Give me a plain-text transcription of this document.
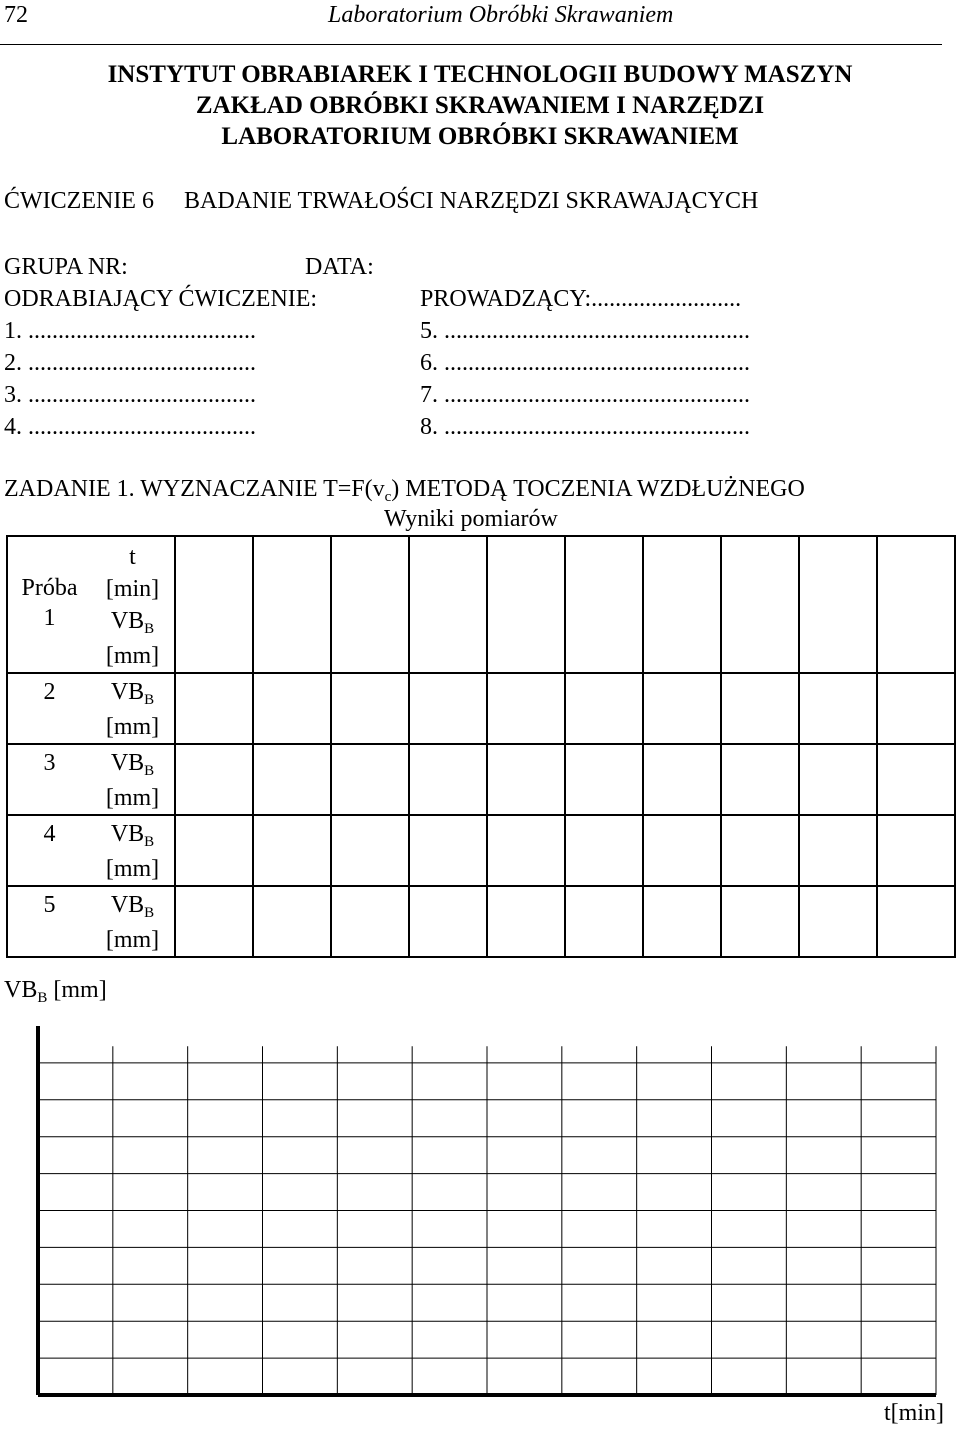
72	Laboratorium Obróbki Skrawaniem
INSTYTUT OBRABIAREK I TECHNOLOGII BUDOWY MASZYN
ZAKŁAD OBRÓBKI SKRAWANIEM I NARZĘDZI
LABORATORIUM OBRÓBKI SKRAWANIEM
ĆWICZENIE 6 BADANIE TRWAŁOŚCI NARZĘDZI SKRAWAJĄCYCH
GRUPA NR:	DATA:
ODRABIAJĄCY ĆWICZENIE:	PROWADZĄCY:.........................
1. ......................................
2. ......................................
3. ......................................
4. ......................................
5. ...................................................
6. ...................................................
7. ...................................................
8. ...................................................
ZADANIE 1. WYZNACZANIE $T=F(v_c)$ METODĄ TOCZENIA WZDŁUŻNEGO
Wyniki pomiarów
Próba
1	t
[min]
$VB_B$
[mm]										

2	$VB_B$
[mm]										

3	$VB_B$
[mm]										

4	$VB_B$
[mm]										

5	$VB_B$
[mm]										

$VB_B$ [mm]
t[min]
